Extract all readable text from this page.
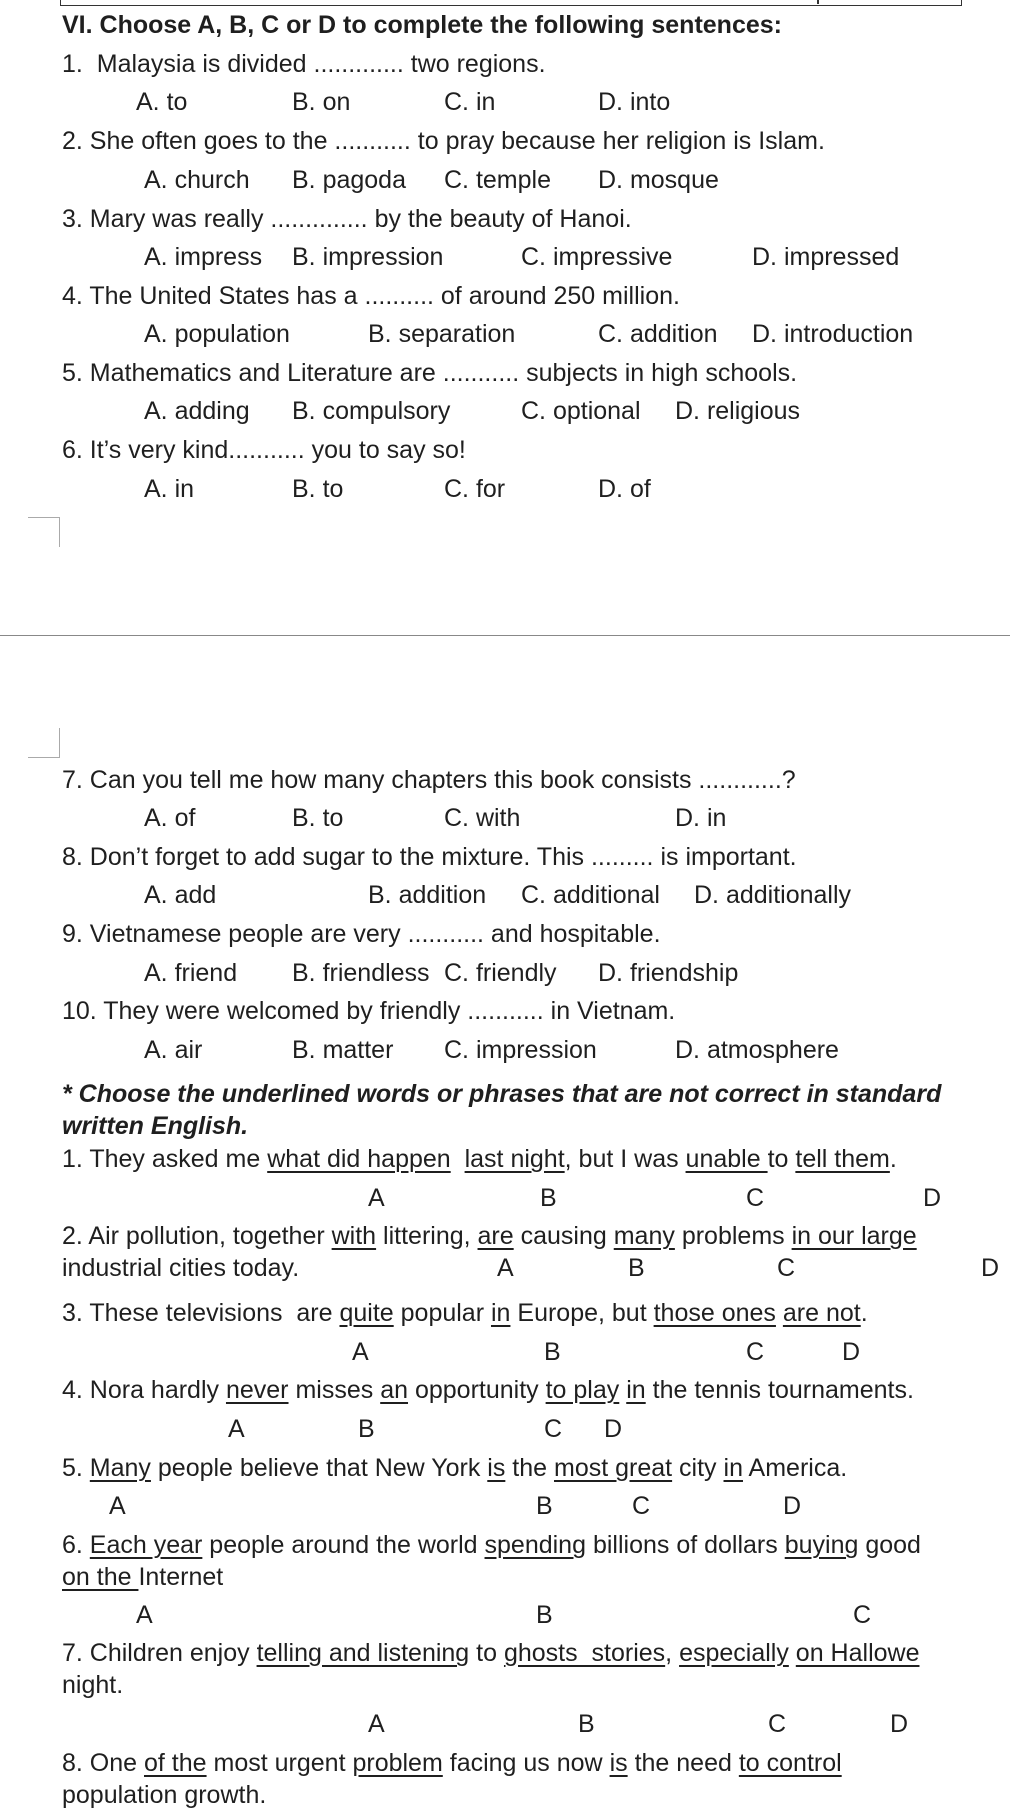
VI. Choose A, B, C or D to complete the following sentences:
1.  Malaysia is divided ............. two regions.
A. to	B. on	C. in	D. into
2. She often goes to the ........... to pray because her religion is Islam.
A. church B. pagoda C. temple D. mosque
3. Mary was really .............. by the beauty of Hanoi.
A. impress B. impression	C. impressive	D. impressed
4. The United States has a .......... of around 250 million.
A. population	B. separation	C. addition D. introduction
5. Mathematics and Literature are ........... subjects in high schools.
A. adding B. compulsory	C. optional D. religious
6. It’s very kind........... you to say so!
A. in	B. to	C. for	D. of
7. Can you tell me how many chapters this book consists ............?
A. of	B. to	C. with	D. in
8. Don’t forget to add sugar to the mixture. This ......... is important.
A. add	B. addition C. additional D. additionally
9. Vietnamese people are very ........... and hospitable.
A. friend B. friendless C. friendly D. friendship
10. They were welcomed by friendly ........... in Vietnam.
A. air	B. matter C. impression	D. atmosphere
* Choose the underlined words or phrases that are not correct in standard
written English.
1. They asked me what did happen last night, but I was unable to tell them.
A	B	C	D
2. Air pollution, together with littering, are causing many problems in our large
industrial cities today.	A	B	C	D
3. These televisions  are quite popular in Europe, but those ones are not.
A	B	C	D
4. Nora hardly never misses an opportunity to play in the tennis tournaments.
A	B	C D
5. Many people believe that New York is the most great city in America.
A	B	C	D
6. Each year people around the world spending billions of dollars buying good
on the Internet
A	B	C
7. Children enjoy telling and listening to ghosts  stories, especially on Hallowe
night.
A	B	C	D
8. One of the most urgent problem facing us now is the need to control
population growth.
